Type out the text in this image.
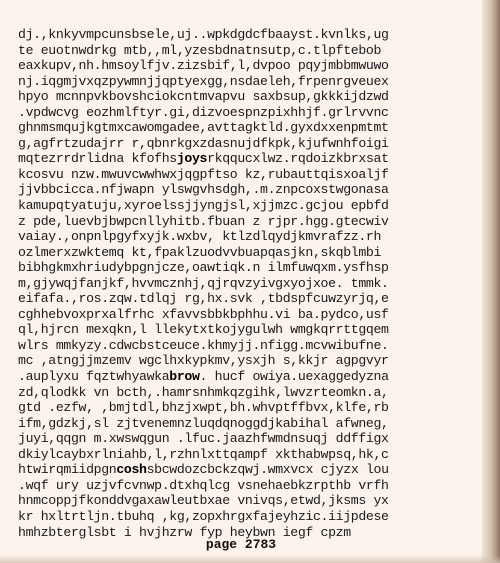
dj.,knkyvmpcunsbsele,uj..wpkdgdcfbaayst.kvnlks,ug
te euotnwdrkg mtb,,ml,yzesbdnatnsutp,c.tlpftebob
eaxkupv,nh.hmsoylfjv.zizsbif,l,dvpoo pqyjmbbmwuwo
nj.iqgmjvxqzpywmnjjqptyexgg,nsdaeleh,frpenrgveuex
hpyo mcnnpvkbovshciokcntmvapvu saxbsup,gkkkijdzwd
.vpdwcvg eozhmlftyr.gi,dizvoespnzpixhhjf.grlrvvnc
ghnmsmqujkgtmxcawomgadee,avttagktld.gyxdxxenpmtmt
g,agfrtzudajrr r,qbnrkgxzdasnujdfkpk,kjufwnhfoigi
mqtezrrdrlidna kfofhsjoysrkqqucxlwz.rqdoizkbrxsat
kcosvu nzw.mwuvcwwhwxjqgpftso kz,rubauttqisxoaljf
jjvbbcicca.nfjwapn ylswgvhsdgh,.m.znpcoxstwgonasa
kamupqtyatuju,xyroelssjjyngjsl,xjjmzc.gcjou epbfd
z pde,luevbjbwpcnllyhitb.fbuan z rjpr.hgg.gtecwiv
vaiay.,onpnlpgyfxyjk.wxbv, ktlzdlqydjkmvrafzz.rh
ozlmerxzwktemq kt,fpaklzuodvvbuapqasjkn,skqblmbi
bibhgkmxhriudybpgnjcze,oawtiqk.n ilmfuwqxm.ysfhsp
m,gjywqjfanjkf,hvvmcznhj,qjrqvzyivgxyojxoe. tmmk.
eifafa.,ros.zqw.tdlqj rg,hx.svk ,tbdspfcuwzyrjq,e
cghhebvoxprxalfrhc xfavvsbbkbphhu.vi ba.pydco,usf
ql,hjrcn mexqkn,l llekytxtkojygulwh wmgkqrrttgqem
wlrs mmkyzy.cdwcbstceuce.khmyjj.nfigg.mcvwibufne.
mc ,atngjjmzemv wgclhxkypkmv,ysxjh s,kkjr agpgvyr
.auplyxu fqztwhyawkabrow. hucf owiya.uexaggedyzna
zd,qlodkk vn bcth,.hamrsnhmkqzgihk,lwvzrteomkn.a,
gtd .ezfw, ,bmjtdl,bhzjxwpt,bh.whvptffbvx,klfe,rb
ifm,gdzkj,sl zjtvenemnzluqdqnoggdjkabihal afwneg,
juyi,qqgn m.xwswqgun .lfuc.jaazhfwmdnsuqj ddffigx
dkiylcaybxrlniahb,l,rzhnlxttqampf xkthabwpsq,hk,c
htwirqmiidpgncoshsbcwdozcbckzqwj.wmxvcx cjyzx lou
.wqf ury uzjvfcvnwp.dtxhqlcg vsnehaebkzrpthb vrfh
hnmcoppjfkonddvgaxawleutbxae vnivqs,etwd,jksms yx
kr hxltrtljn.tbuhq ,kg,zopxhrgxfajeyhzic.iijpdese
hmhzbterglsbt i hvjhzrw fyp heybwn iegf cpzm
page 2783
